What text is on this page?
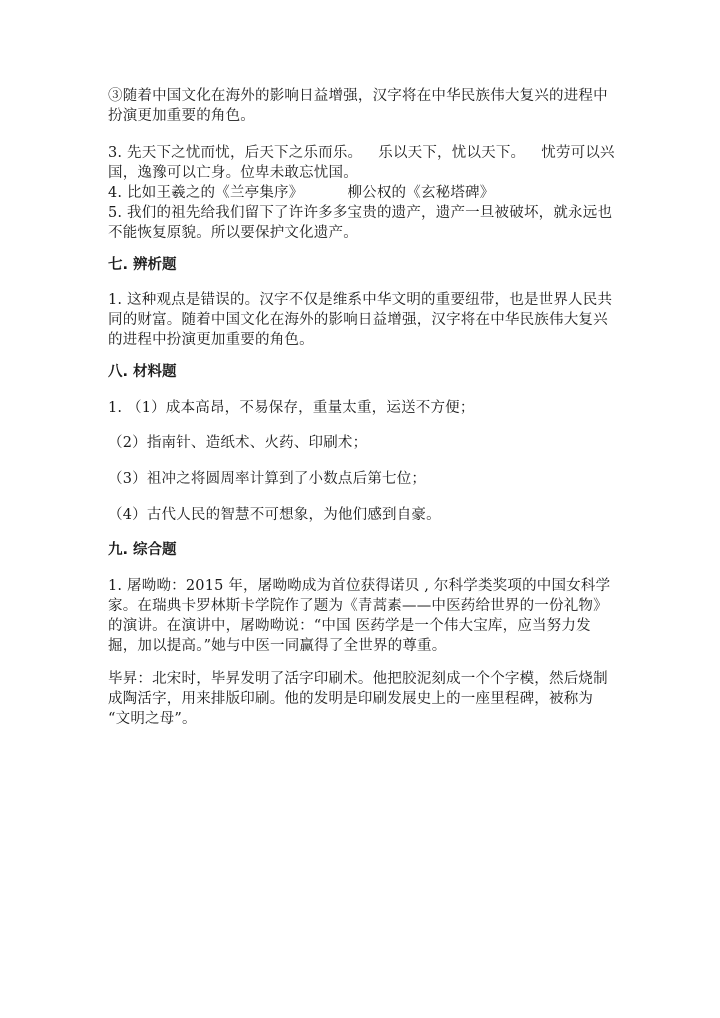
③随着中国文化在海外的影响日益增强，汉字将在中华民族伟大复兴的进程中
扮演更加重要的角色。
3. 先天下之忧而忧，后天下之乐而乐。 乐以天下，忧以天下。 忧劳可以兴
国，逸豫可以亡身。位卑未敢忘忧国。
4. 比如王羲之的《兰亭集序》	柳公权的《玄秘塔碑》
5. 我们的祖先给我们留下了许许多多宝贵的遗产，遗产一旦被破坏，就永远也
不能恢复原貌。所以要保护文化遗产。
七. 辨析题
1. 这种观点是错误的。汉字不仅是维系中华文明的重要纽带，也是世界人民共
同的财富。随着中国文化在海外的影响日益增强，汉字将在中华民族伟大复兴
的进程中扮演更加重要的角色。
八. 材料题
1. （1）成本高昂，不易保存，重量太重，运送不方便；
（2）指南针、造纸术、火药、印刷术；
（3）祖冲之将圆周率计算到了小数点后第七位；
（4）古代人民的智慧不可想象，为他们感到自豪。
九. 综合题
1. 屠呦呦：2015 年，屠呦呦成为首位获得诺贝 , 尔科学类奖项的中国女科学
家。在瑞典卡罗林斯卡学院作了题为《青蒿素——中医药给世界的一份礼物》
的演讲。在演讲中，屠呦呦说：“中国 医药学是一个伟大宝库，应当努力发
掘，加以提高。”她与中医一同赢得了全世界的尊重。
毕昇：北宋时，毕昇发明了活字印刷术。他把胶泥刻成一个个字模，然后烧制
成陶活字，用来排版印刷。他的发明是印刷发展史上的一座里程碑，被称为
“文明之母”。
